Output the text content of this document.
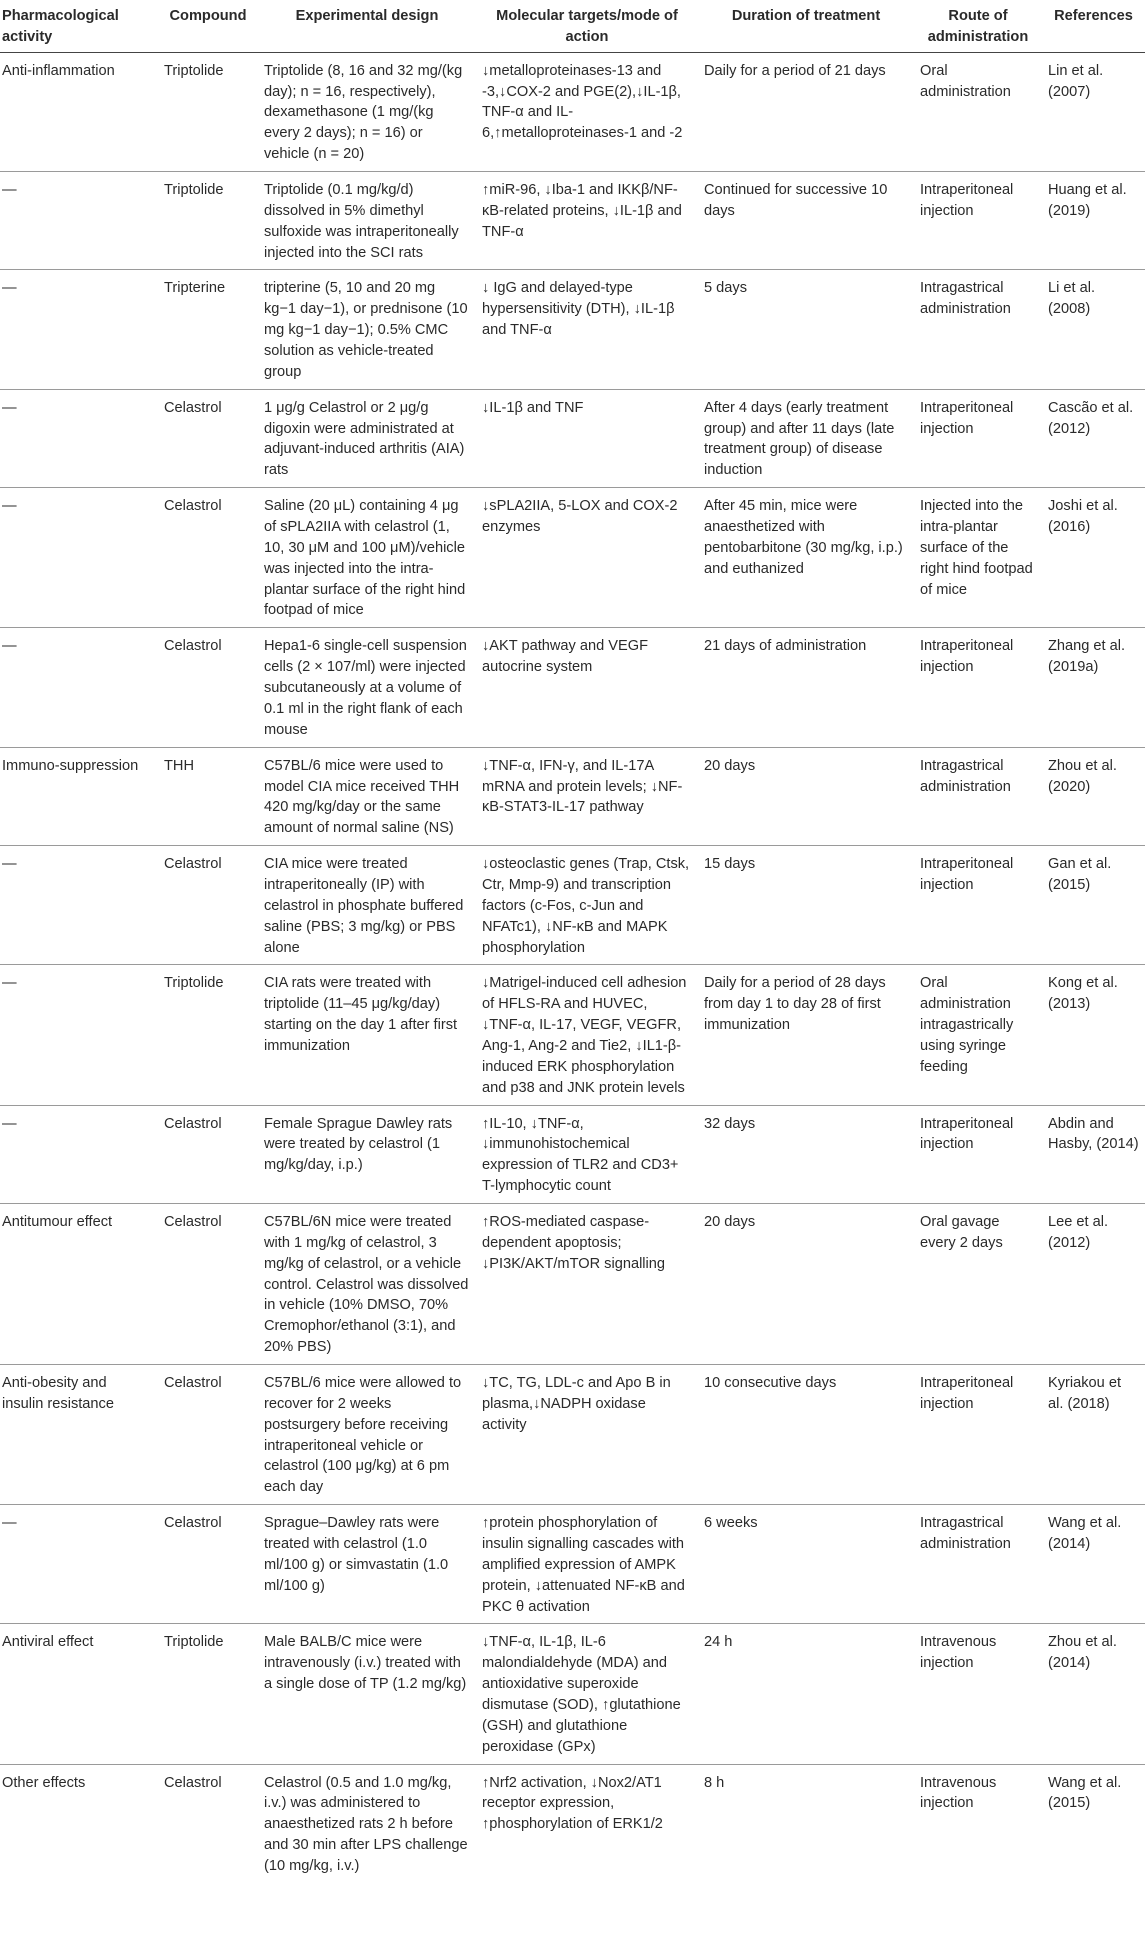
Pharmacological activity	Compound	Experimental design	Molecular targets/mode of action	Duration of treatment	Route of administration	References
Anti-inflammation	Triptolide	Triptolide (8, 16 and 32 mg/(kg day); n = 16, respectively), dexamethasone (1 mg/(kg every 2 days); n = 16) or vehicle (n = 20)	↓metalloproteinases-13 and -3,↓COX-2 and PGE(2),↓IL-1β, TNF-α and IL-6,↑metalloproteinases-1 and -2	Daily for a period of 21 days	Oral administration	Lin et al. (2007)
—	Triptolide	Triptolide (0.1 mg/kg/d) dissolved in 5% dimethyl sulfoxide was intraperitoneally injected into the SCI rats	↑miR-96, ↓Iba-1 and IKKβ/NF-κB-related proteins, ↓IL-1β and TNF-α	Continued for successive 10 days	Intraperitoneal injection	Huang et al. (2019)
—	Tripterine	tripterine (5, 10 and 20 mg kg−1 day−1), or prednisone (10 mg kg−1 day−1); 0.5% CMC solution as vehicle-treated group	↓ IgG and delayed-type hypersensitivity (DTH), ↓IL-1β and TNF-α	5 days	Intragastrical administration	Li et al. (2008)
—	Celastrol	1 μg/g Celastrol or 2 μg/g digoxin were administrated at adjuvant-induced arthritis (AIA) rats	↓IL-1β and TNF	After 4 days (early treatment group) and after 11 days (late treatment group) of disease induction	Intraperitoneal injection	Cascão et al. (2012)
—	Celastrol	Saline (20 μL) containing 4 μg of sPLA2IIA with celastrol (1, 10, 30 μM and 100 μM)/vehicle was injected into the intra-plantar surface of the right hind footpad of mice	↓sPLA2IIA, 5-LOX and COX-2 enzymes	After 45 min, mice were anaesthetized with pentobarbitone (30 mg/kg, i.p.) and euthanized	Injected into the intra-plantar surface of the right hind footpad of mice	Joshi et al. (2016)
—	Celastrol	Hepa1-6 single-cell suspension cells (2 × 107/ml) were injected subcutaneously at a volume of 0.1 ml in the right flank of each mouse	↓AKT pathway and VEGF autocrine system	21 days of administration	Intraperitoneal injection	Zhang et al. (2019a)
Immuno-suppression	THH	C57BL/6 mice were used to model CIA mice received THH 420 mg/kg/day or the same amount of normal saline (NS)	↓TNF-α, IFN-γ, and IL-17A mRNA and protein levels; ↓NF-κB-STAT3-IL-17 pathway	20 days	Intragastrical administration	Zhou et al. (2020)
—	Celastrol	CIA mice were treated intraperitoneally (IP) with celastrol in phosphate buffered saline (PBS; 3 mg/kg) or PBS alone	↓osteoclastic genes (Trap, Ctsk, Ctr, Mmp-9) and transcription factors (c-Fos, c-Jun and NFATc1), ↓NF-κB and MAPK phosphorylation	15 days	Intraperitoneal injection	Gan et al. (2015)
—	Triptolide	CIA rats were treated with triptolide (11–45 μg/kg/day) starting on the day 1 after first immunization	↓Matrigel-induced cell adhesion of HFLS-RA and HUVEC, ↓TNF-α, IL-17, VEGF, VEGFR, Ang-1, Ang-2 and Tie2, ↓IL1-β-induced ERK phosphorylation and p38 and JNK protein levels	Daily for a period of 28 days from day 1 to day 28 of first immunization	Oral administration intragastrically using syringe feeding	Kong et al. (2013)
—	Celastrol	Female Sprague Dawley rats were treated by celastrol (1 mg/kg/day, i.p.)	↑IL-10, ↓TNF-α, ↓immunohistochemical expression of TLR2 and CD3+ T-lymphocytic count	32 days	Intraperitoneal injection	Abdin and Hasby, (2014)
Antitumour effect	Celastrol	C57BL/6N mice were treated with 1 mg/kg of celastrol, 3 mg/kg of celastrol, or a vehicle control. Celastrol was dissolved in vehicle (10% DMSO, 70% Cremophor/ethanol (3:1), and 20% PBS)	↑ROS-mediated caspase-dependent apoptosis; ↓PI3K/AKT/mTOR signalling	20 days	Oral gavage every 2 days	Lee et al. (2012)
Anti-obesity and insulin resistance	Celastrol	C57BL/6 mice were allowed to recover for 2 weeks postsurgery before receiving intraperitoneal vehicle or celastrol (100 μg/kg) at 6 pm each day	↓TC, TG, LDL-c and Apo B in plasma,↓NADPH oxidase activity	10 consecutive days	Intraperitoneal injection	Kyriakou et al. (2018)
—	Celastrol	Sprague–Dawley rats were treated with celastrol (1.0 ml/100 g) or simvastatin (1.0 ml/100 g)	↑protein phosphorylation of insulin signalling cascades with amplified expression of AMPK protein, ↓attenuated NF-κB and PKC θ activation	6 weeks	Intragastrical administration	Wang et al. (2014)
Antiviral effect	Triptolide	Male BALB/C mice were intravenously (i.v.) treated with a single dose of TP (1.2 mg/kg)	↓TNF-α, IL-1β, IL-6 malondialdehyde (MDA) and antioxidative superoxide dismutase (SOD), ↑glutathione (GSH) and glutathione peroxidase (GPx)	24 h	Intravenous injection	Zhou et al. (2014)
Other effects	Celastrol	Celastrol (0.5 and 1.0 mg/kg, i.v.) was administered to anaesthetized rats 2 h before and 30 min after LPS challenge (10 mg/kg, i.v.)	↑Nrf2 activation, ↓Nox2/AT1 receptor expression, ↑phosphorylation of ERK1/2	8 h	Intravenous injection	Wang et al. (2015)
